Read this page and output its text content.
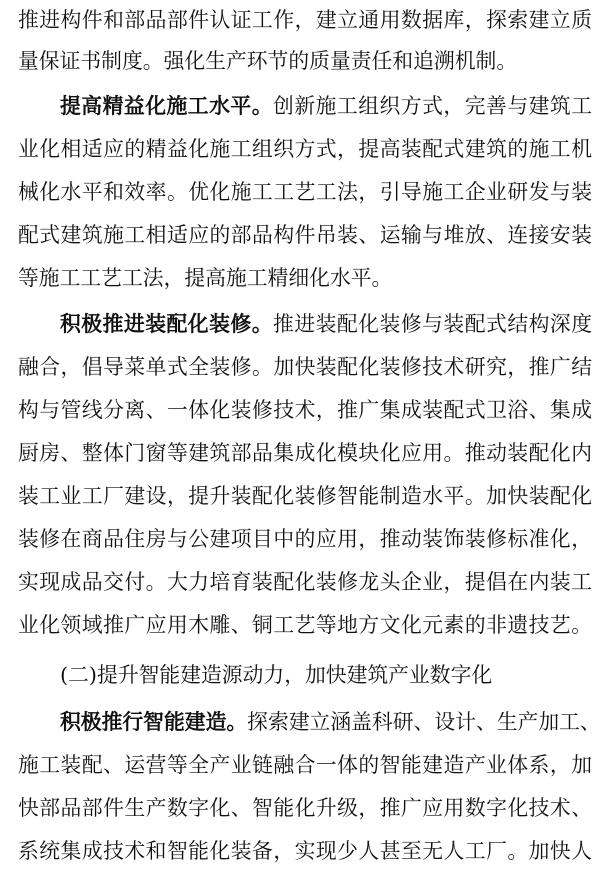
推进构件和部品部件认证工作，建立通用数据库，探索建立质
量保证书制度。强化生产环节的质量责任和追溯机制。
提高精益化施工水平。创新施工组织方式，完善与建筑工
业化相适应的精益化施工组织方式，提高装配式建筑的施工机
械化水平和效率。优化施工工艺工法，引导施工企业研发与装
配式建筑施工相适应的部品构件吊装、运输与堆放、连接安装
等施工工艺工法，提高施工精细化水平。
积极推进装配化装修。推进装配化装修与装配式结构深度
融合，倡导菜单式全装修。加快装配化装修技术研究，推广结
构与管线分离、一体化装修技术，推广集成装配式卫浴、集成
厨房、整体门窗等建筑部品集成化模块化应用。推动装配化内
装工业工厂建设，提升装配化装修智能制造水平。加快装配化
装修在商品住房与公建项目中的应用，推动装饰装修标准化，
实现成品交付。大力培育装配化装修龙头企业，提倡在内装工
业化领域推广应用木雕、铜工艺等地方文化元素的非遗技艺。
(二)提升智能建造源动力，加快建筑产业数字化
积极推行智能建造。探索建立涵盖科研、设计、生产加工、
施工装配、运营等全产业链融合一体的智能建造产业体系，加
快部品部件生产数字化、智能化升级，推广应用数字化技术、
系统集成技术和智能化装备，实现少人甚至无人工厂。加快人
